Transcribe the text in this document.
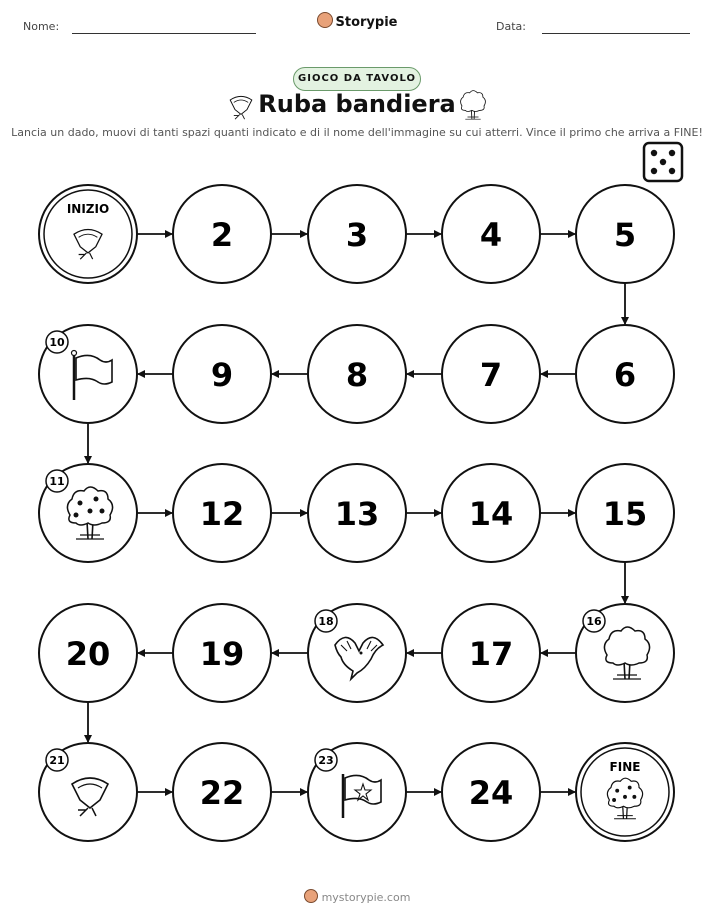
Nome:	Storypie	Data:
GIOCO DA TAVOLO
Ruba bandiera
Lancia un dado, muovi di tanti spazi quanti indicato e di il nome dell'immagine su cui atterri. Vince il primo che arriva a FINE!
INIZIO
2	3	4	5
6
7
8
9
10
11
12	13	14	15
16
17
18
19
20
21
22
23
24
FINE
mystorypie.com
